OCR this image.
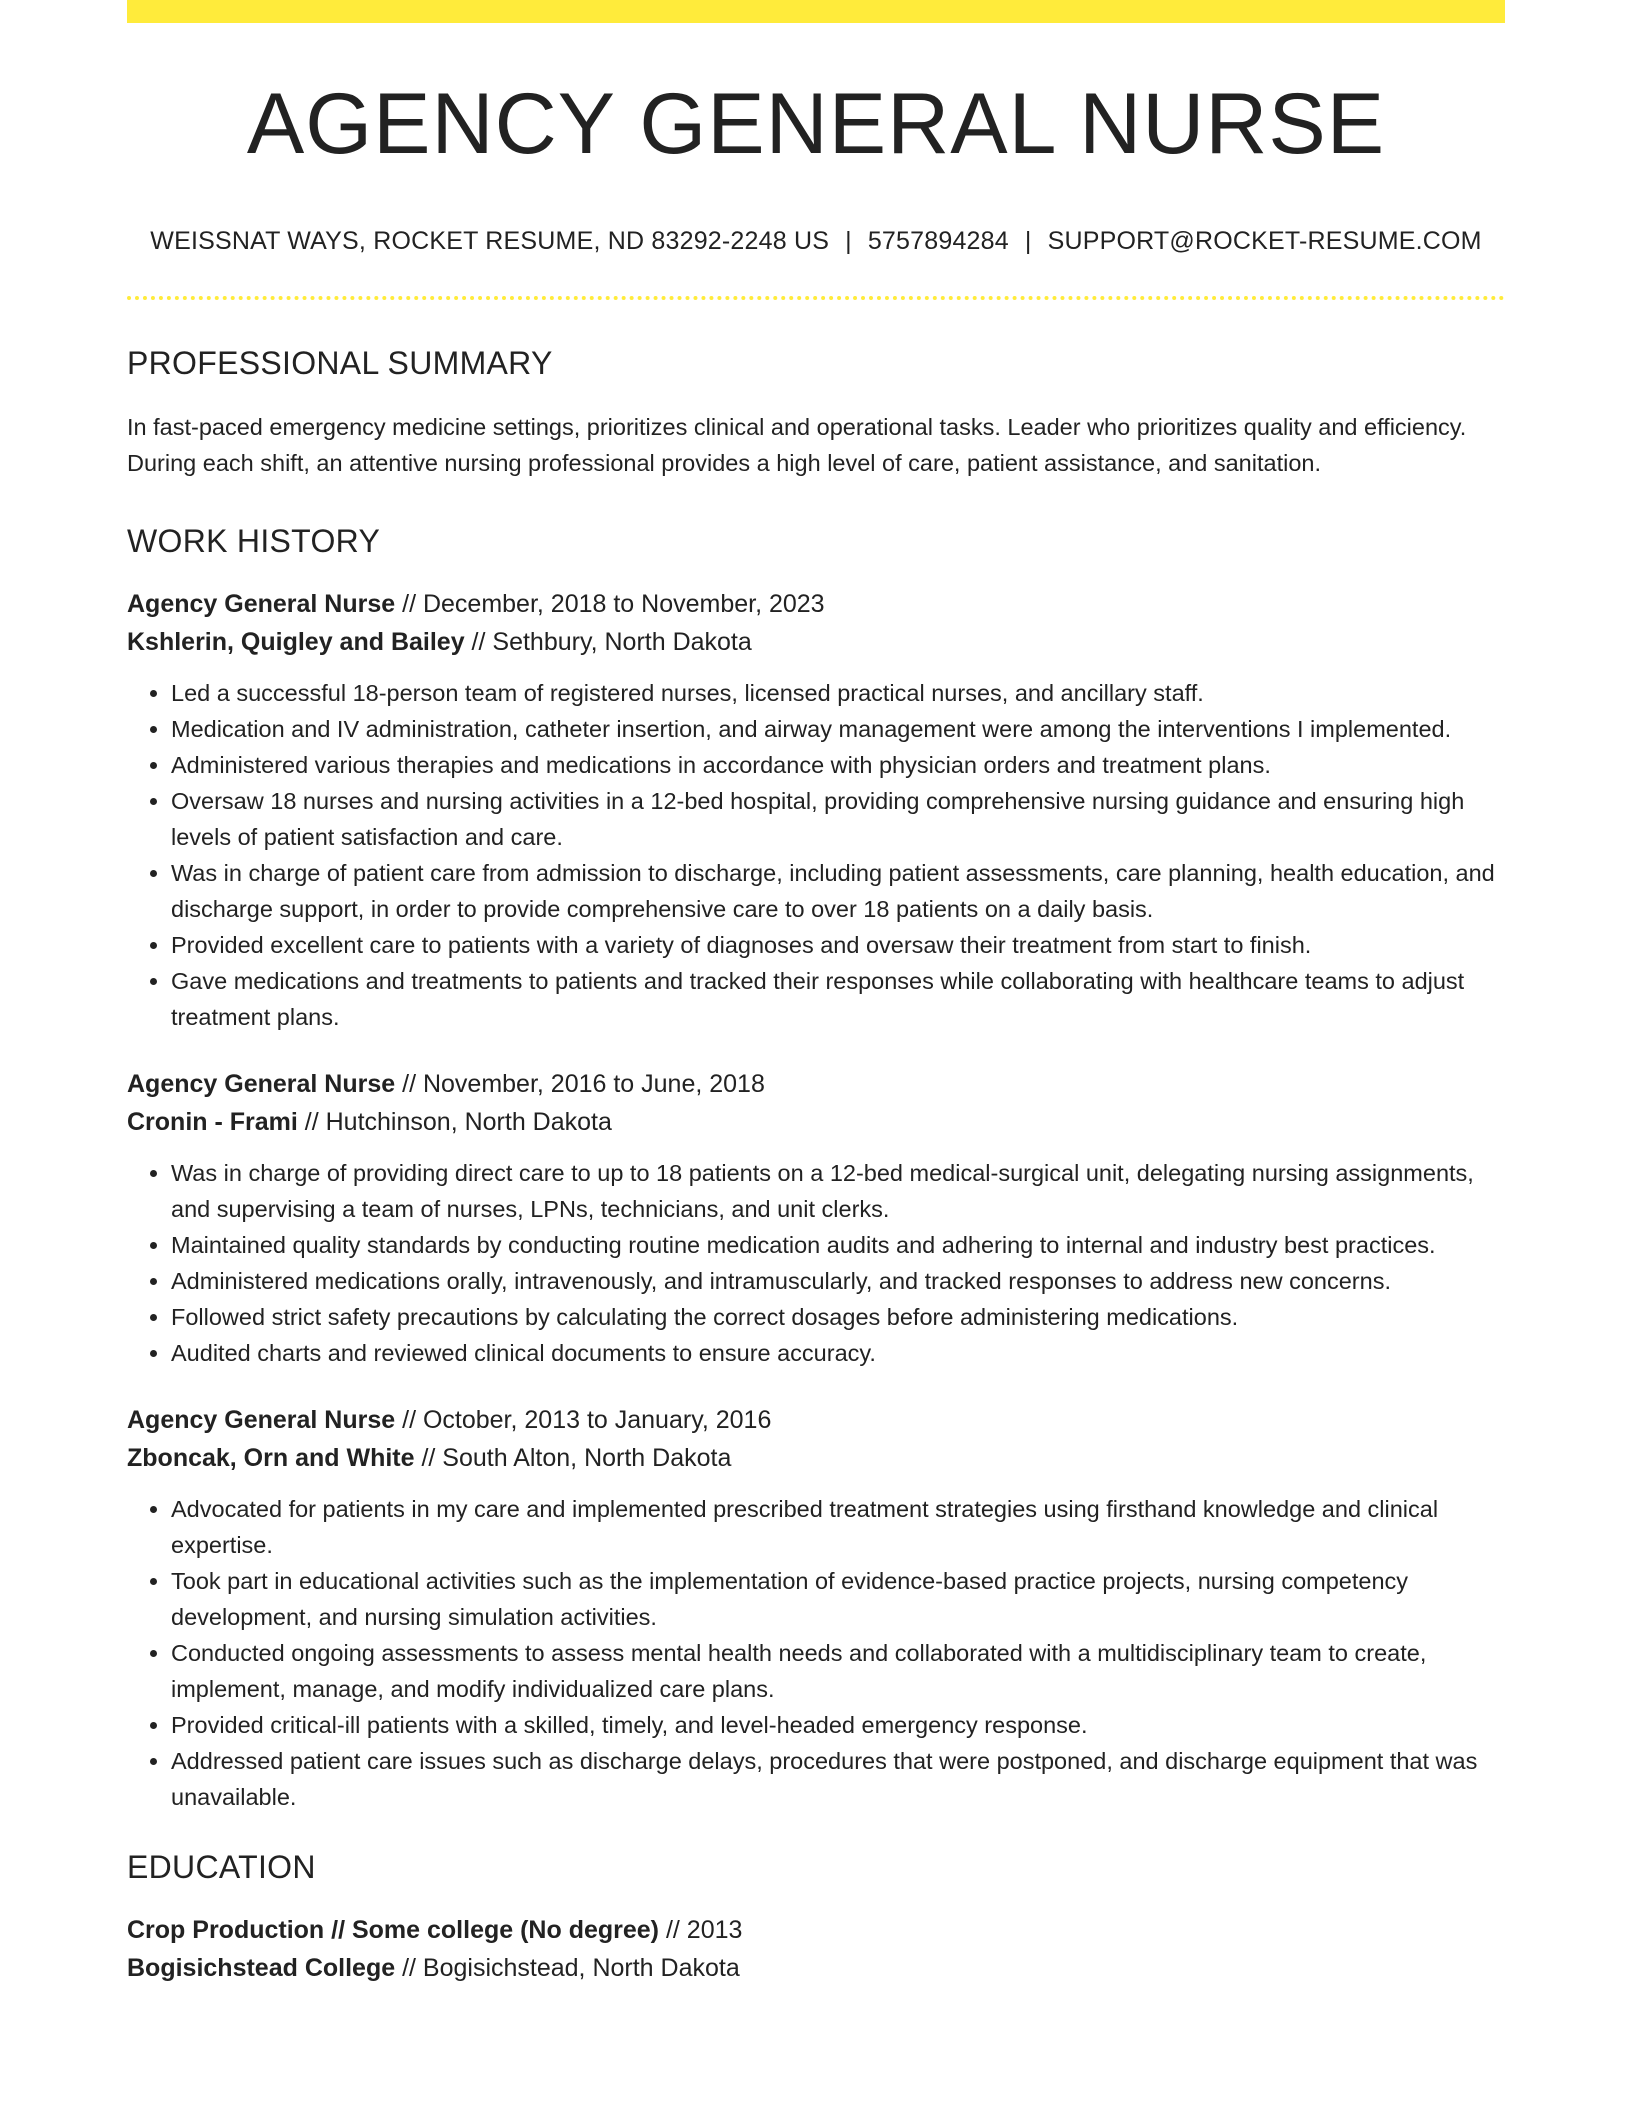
AGENCY GENERAL NURSE
WEISSNAT WAYS, ROCKET RESUME, ND 83292-2248 US | 5757894284 | SUPPORT@ROCKET-RESUME.COM
PROFESSIONAL SUMMARY
In fast-paced emergency medicine settings, prioritizes clinical and operational tasks. Leader who prioritizes quality and efficiency. During each shift, an attentive nursing professional provides a high level of care, patient assistance, and sanitation.
WORK HISTORY
Agency General Nurse // December, 2018 to November, 2023
Kshlerin, Quigley and Bailey // Sethbury, North Dakota
• Led a successful 18-person team of registered nurses, licensed practical nurses, and ancillary staff.
• Medication and IV administration, catheter insertion, and airway management were among the interventions I implemented.
• Administered various therapies and medications in accordance with physician orders and treatment plans.
• Oversaw 18 nurses and nursing activities in a 12-bed hospital, providing comprehensive nursing guidance and ensuring high levels of patient satisfaction and care.
• Was in charge of patient care from admission to discharge, including patient assessments, care planning, health education, and discharge support, in order to provide comprehensive care to over 18 patients on a daily basis.
• Provided excellent care to patients with a variety of diagnoses and oversaw their treatment from start to finish.
• Gave medications and treatments to patients and tracked their responses while collaborating with healthcare teams to adjust treatment plans.
Agency General Nurse // November, 2016 to June, 2018
Cronin - Frami // Hutchinson, North Dakota
• Was in charge of providing direct care to up to 18 patients on a 12-bed medical-surgical unit, delegating nursing assignments, and supervising a team of nurses, LPNs, technicians, and unit clerks.
• Maintained quality standards by conducting routine medication audits and adhering to internal and industry best practices.
• Administered medications orally, intravenously, and intramuscularly, and tracked responses to address new concerns.
• Followed strict safety precautions by calculating the correct dosages before administering medications.
• Audited charts and reviewed clinical documents to ensure accuracy.
Agency General Nurse // October, 2013 to January, 2016
Zboncak, Orn and White // South Alton, North Dakota
• Advocated for patients in my care and implemented prescribed treatment strategies using firsthand knowledge and clinical expertise.
• Took part in educational activities such as the implementation of evidence-based practice projects, nursing competency development, and nursing simulation activities.
• Conducted ongoing assessments to assess mental health needs and collaborated with a multidisciplinary team to create, implement, manage, and modify individualized care plans.
• Provided critical-ill patients with a skilled, timely, and level-headed emergency response.
• Addressed patient care issues such as discharge delays, procedures that were postponed, and discharge equipment that was unavailable.
EDUCATION
Crop Production // Some college (No degree) // 2013
Bogisichstead College // Bogisichstead, North Dakota
